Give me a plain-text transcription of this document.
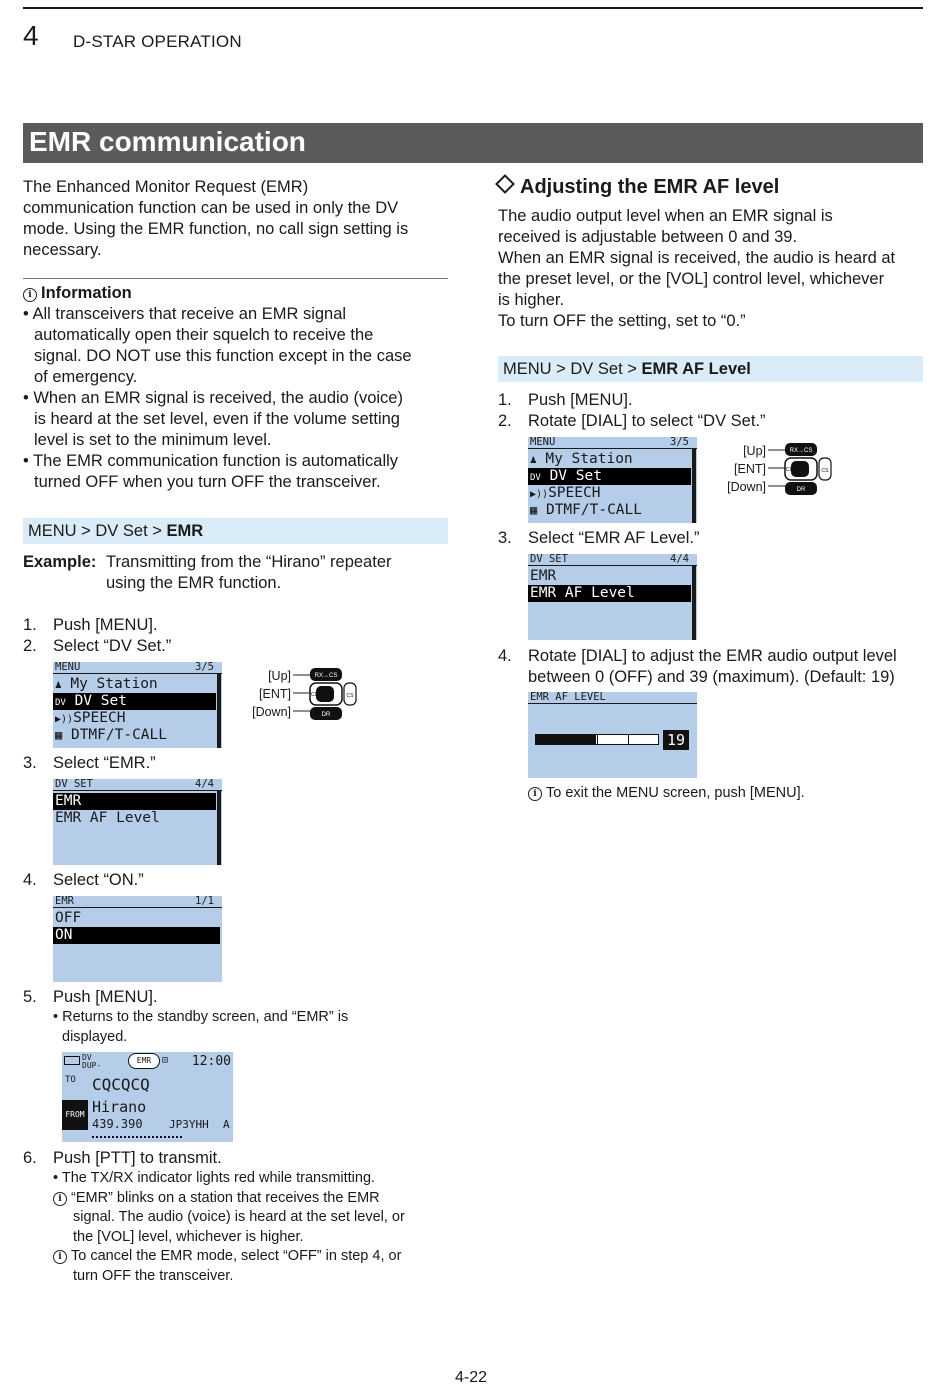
4 D-STAR OPERATION
EMR communication
The Enhanced Monitor Request (EMR)
communication function can be used in only the DV
mode. Using the EMR function, no call sign setting is
necessary.
i Information
• All transceivers that receive an EMR signal
automatically open their squelch to receive the
signal. DO NOT use this function except in the case
of emergency.
• When an EMR signal is received, the audio (voice)
is heard at the set level, even if the volume setting
level is set to the minimum level.
• The EMR communication function is automatically
turned OFF when you turn OFF the transceiver.
MENU > DV Set > EMR
Example: Transmitting from the “Hirano” repeater
using the EMR function.
1. Push [MENU].
2. Select “DV Set.”
MENU	3/5
♟ My Station
DV DV Set
▶))SPEECH
▦ DTMF/T-CALL
[Up]
[ENT]
[Down]
RX→CS
CD
DR
CS
3. Select “EMR.”
DV SET	4/4
EMR
EMR AF Level
4. Select “ON.”
EMR	1/1
OFF
ON
5. Push [MENU].
• Returns to the standby screen, and “EMR” is
displayed.
DV
DUP-
EMR	⊡ 12:00
TO CQCQCQ
FROM Hirano
439.390 JP3YHH A
6. Push [PTT] to transmit.
• The TX/RX indicator lights red while transmitting.
i “EMR” blinks on a station that receives the EMR
signal. The audio (voice) is heard at the set level, or
the [VOL] level, whichever is higher.
i To cancel the EMR mode, select “OFF” in step 4, or
turn OFF the transceiver.
Adjusting the EMR AF level
The audio output level when an EMR signal is
received is adjustable between 0 and 39.
When an EMR signal is received, the audio is heard at
the preset level, or the [VOL] control level, whichever
is higher.
To turn OFF the setting, set to “0.”
MENU > DV Set > EMR AF Level
1. Push [MENU].
2. Rotate [DIAL] to select “DV Set.”
MENU	3/5
♟ My Station
DV DV Set
▶))SPEECH
▦ DTMF/T-CALL
[Up]
[ENT]
[Down]
RX→CS
CD
DR
CS
3. Select “EMR AF Level.”
DV SET	4/4
EMR
EMR AF Level
4. Rotate [DIAL] to adjust the EMR audio output level
between 0 (OFF) and 39 (maximum). (Default: 19)
EMR AF LEVEL
19
i To exit the MENU screen, push [MENU].
4-22
